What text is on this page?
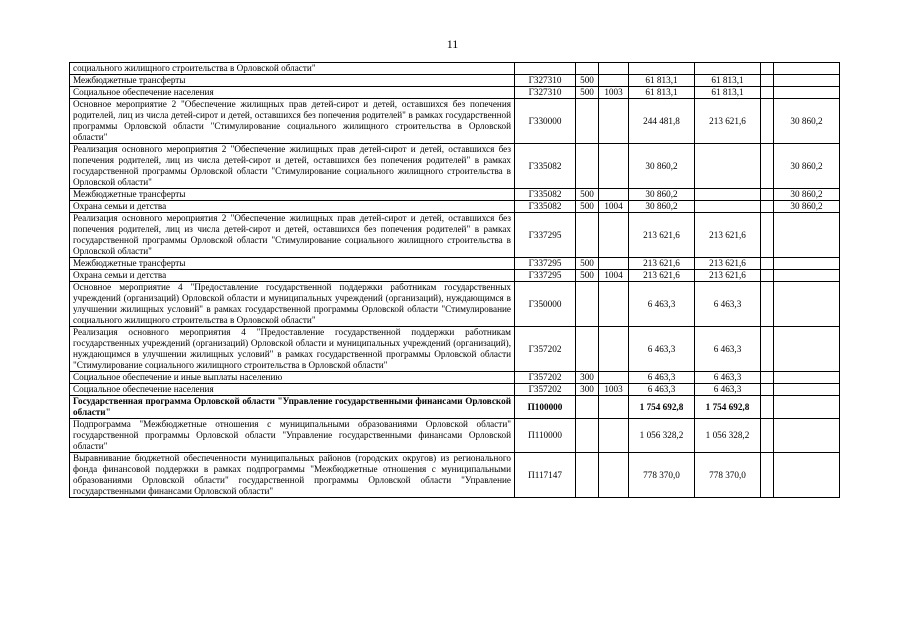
11
социального жилищного строительства в Орловской области"							
Межбюджетные трансферты	Г327310	500		61 813,1	61 813,1		
Социальное обеспечение населения	Г327310	500	1003	61 813,1	61 813,1		
Основное мероприятие 2 "Обеспечение жилищных прав детей-сирот и детей, оставшихся без попечения родителей, лиц из числа детей-сирот и детей, оставшихся без попечения родителей" в рамках государственной программы Орловской области "Стимулирование социального жилищного строительства в Орловской области"	Г330000			244 481,8	213 621,6		30 860,2
Реализация основного мероприятия 2 "Обеспечение жилищных прав детей-сирот и детей, оставшихся без попечения родителей, лиц из числа детей-сирот и детей, оставшихся без попечения родителей" в рамках государственной программы Орловской области "Стимулирование социального жилищного строительства в Орловской области"	Г335082			30 860,2			30 860,2
Межбюджетные трансферты	Г335082	500		30 860,2			30 860,2
Охрана семьи и детства	Г335082	500	1004	30 860,2			30 860,2
Реализация основного мероприятия 2 "Обеспечение жилищных прав детей-сирот и детей, оставшихся без попечения родителей, лиц из числа детей-сирот и детей, оставшихся без попечения родителей" в рамках государственной программы Орловской области "Стимулирование социального жилищного строительства в Орловской области"	Г337295			213 621,6	213 621,6		
Межбюджетные трансферты	Г337295	500		213 621,6	213 621,6		
Охрана семьи и детства	Г337295	500	1004	213 621,6	213 621,6		
Основное мероприятие 4 "Предоставление государственной поддержки работникам государственных учреждений (организаций) Орловской области и муниципальных учреждений (организаций), нуждающимся в улучшении жилищных условий" в рамках государственной программы Орловской области "Стимулирование социального жилищного строительства в Орловской области"	Г350000			6 463,3	6 463,3		
Реализация основного мероприятия 4 "Предоставление государственной поддержки работникам государственных учреждений (организаций) Орловской области и муниципальных учреждений (организаций), нуждающимся в улучшении жилищных условий" в рамках государственной программы Орловской области "Стимулирование социального жилищного строительства в Орловской области"	Г357202			6 463,3	6 463,3		
Социальное обеспечение и иные выплаты населению	Г357202	300		6 463,3	6 463,3		
Социальное обеспечение населения	Г357202	300	1003	6 463,3	6 463,3		
Государственная программа Орловской области "Управление государственными финансами Орловской области"	П100000			1 754 692,8	1 754 692,8		
Подпрограмма "Межбюджетные отношения с муниципальными образованиями Орловской области" государственной программы Орловской области "Управление государственными финансами Орловской области"	П110000			1 056 328,2	1 056 328,2		
Выравнивание бюджетной обеспеченности муниципальных районов (городских округов) из регионального фонда финансовой поддержки в рамках подпрограммы "Межбюджетные отношения с муниципальными образованиями Орловской области" государственной программы Орловской области "Управление государственными финансами Орловской области"	П117147			778 370,0	778 370,0		
